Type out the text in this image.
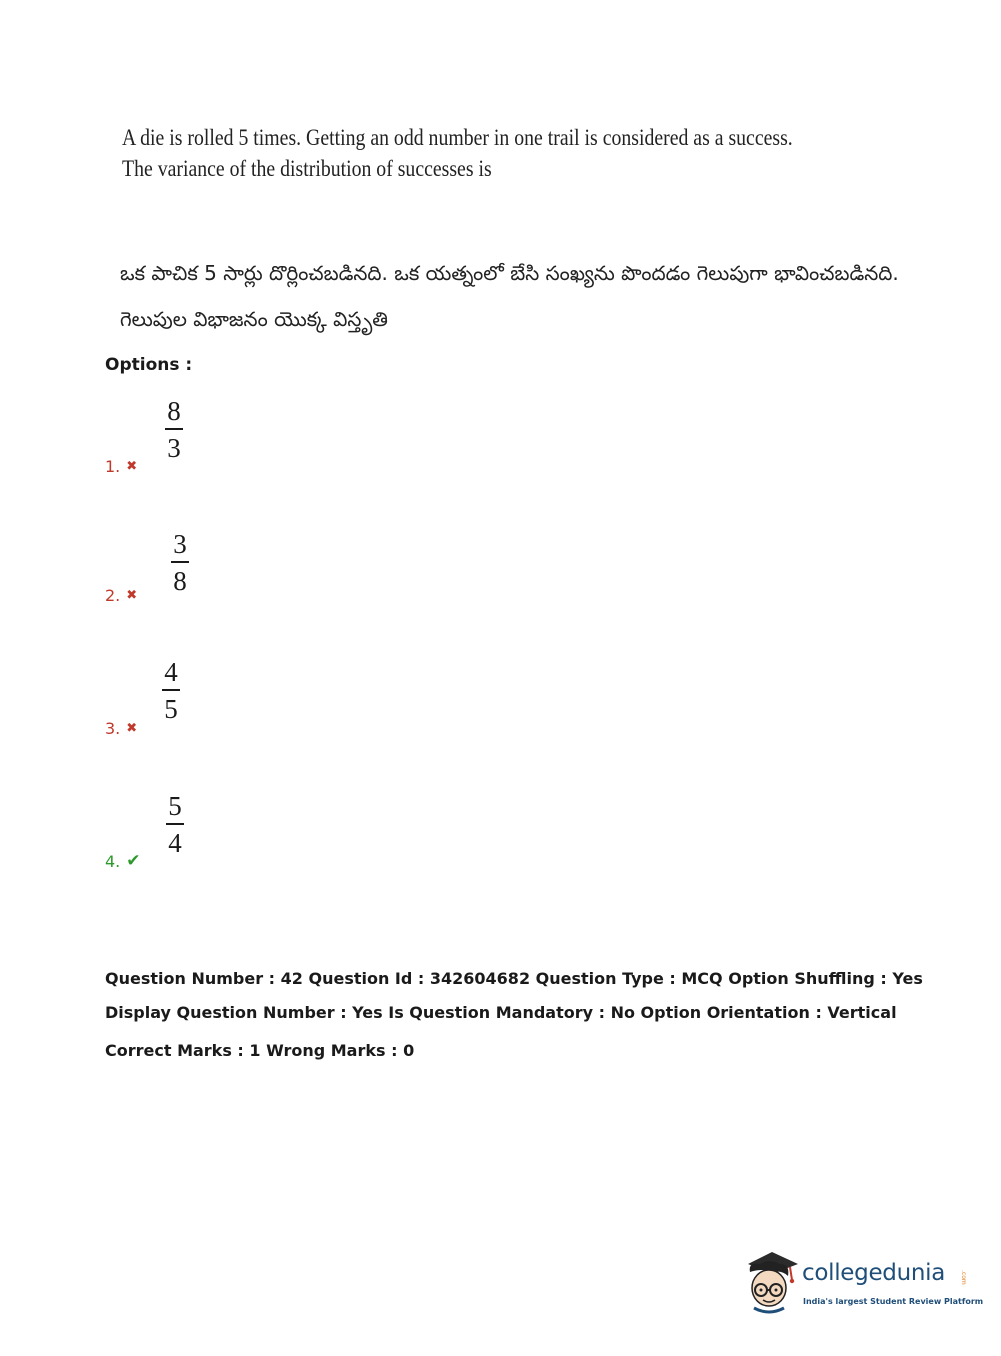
A die is rolled 5 times. Getting an odd number in one trail is considered as a success.
The variance of the distribution of successes is
ఒక పాచిక 5 సార్లు దొర్లించబడినది. ఒక యత్నంలో బేసి సంఖ్యను పొందడం గెలుపుగా భావించబడినది.
గెలుపుల విభాజనం యొక్క విస్తృతి
Options :
8
3
1. ✖
3
8
2. ✖
4
5
3. ✖
5
4
4. ✔
Question Number : 42 Question Id : 342604682 Question Type : MCQ Option Shuffling : Yes
Display Question Number : Yes Is Question Mandatory : No Option Orientation : Vertical
Correct Marks : 1 Wrong Marks : 0
collegedunia .com
India's largest Student Review Platform
